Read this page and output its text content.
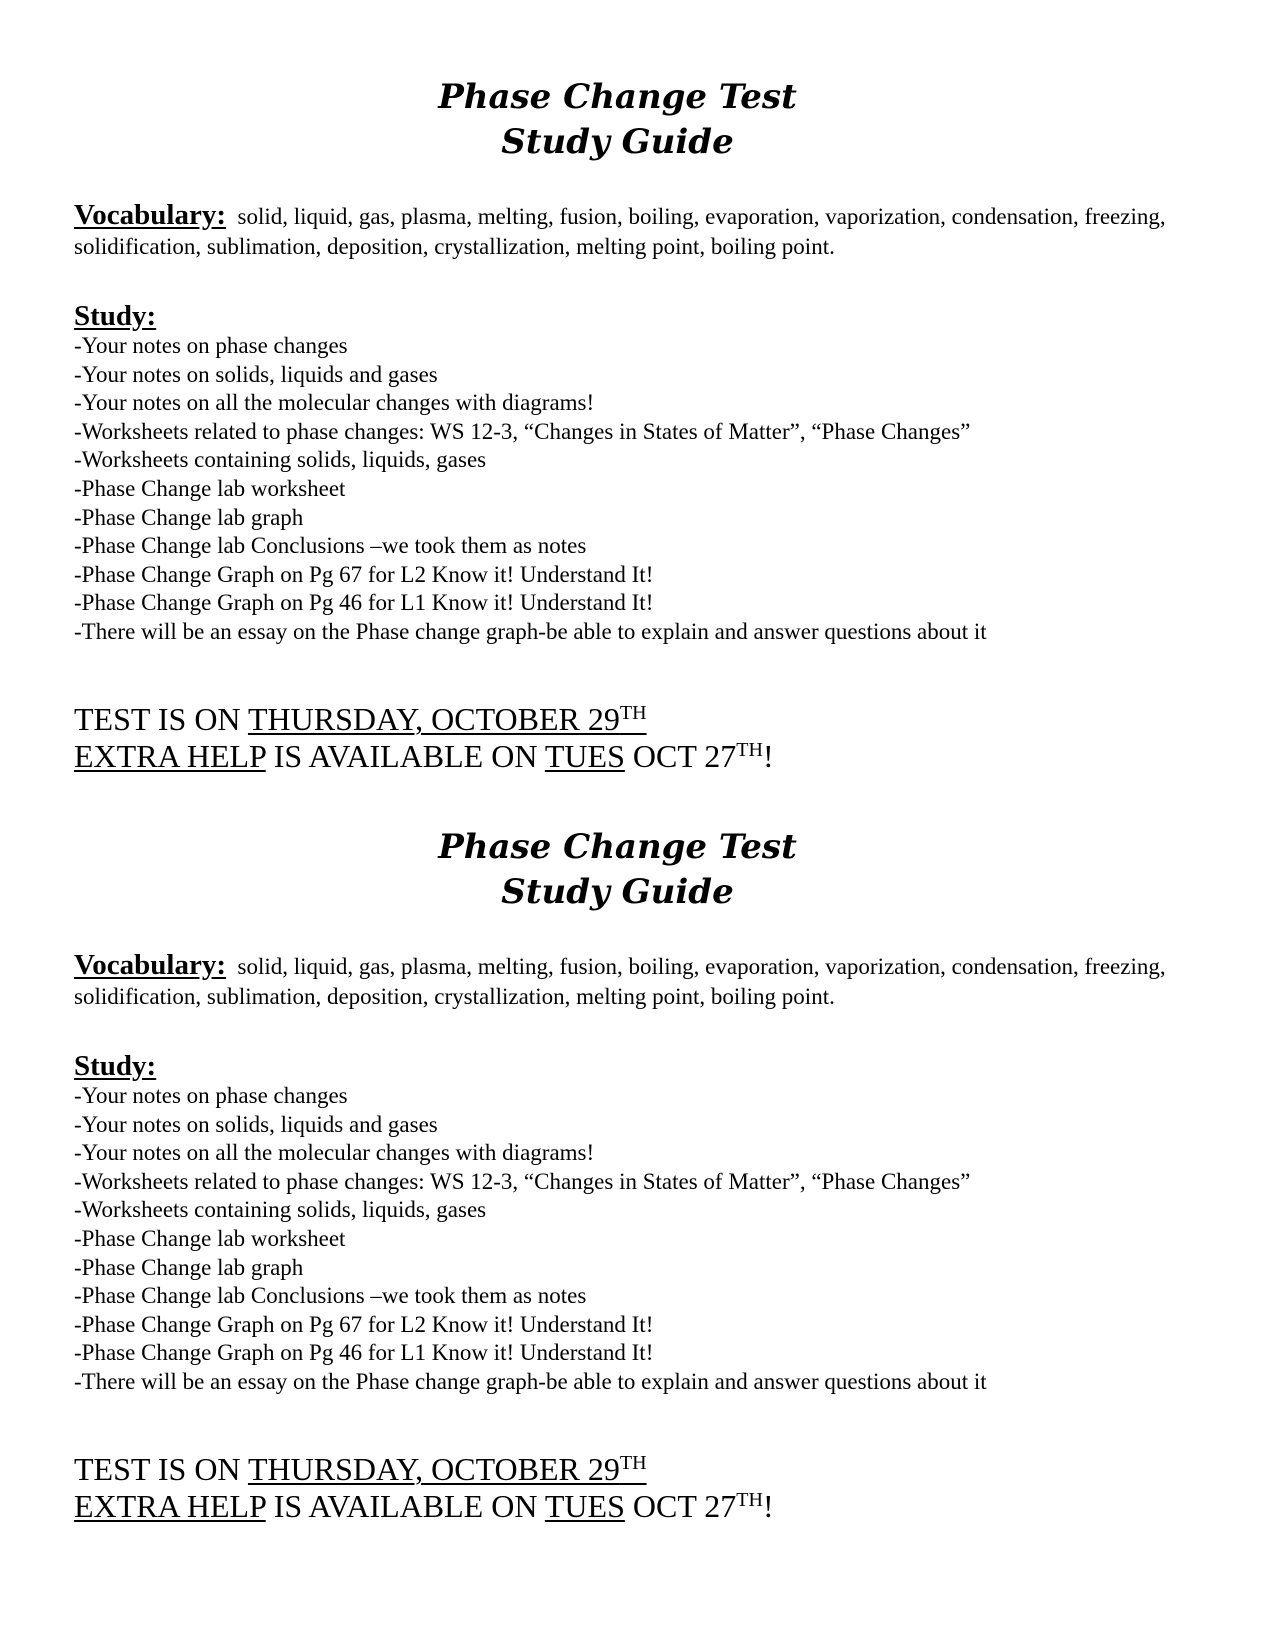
Phase Change Test
Study Guide
Vocabulary: solid, liquid, gas, plasma, melting, fusion, boiling, evaporation, vaporization, condensation, freezing, solidification, sublimation, deposition, crystallization, melting point, boiling point.
Study:
-Your notes on phase changes
-Your notes on solids, liquids and gases
-Your notes on all the molecular changes with diagrams!
-Worksheets related to phase changes: WS 12-3, “Changes in States of Matter”, “Phase Changes”
-Worksheets containing solids, liquids, gases
-Phase Change lab worksheet
-Phase Change lab graph
-Phase Change lab Conclusions –we took them as notes
-Phase Change Graph on Pg 67 for L2 Know it! Understand It!
-Phase Change Graph on Pg 46 for L1 Know it! Understand It!
-There will be an essay on the Phase change graph-be able to explain and answer questions about it
TEST IS ON THURSDAY, OCTOBER 29TH
EXTRA HELP IS AVAILABLE ON TUES OCT 27TH!
Phase Change Test
Study Guide
Vocabulary: solid, liquid, gas, plasma, melting, fusion, boiling, evaporation, vaporization, condensation, freezing, solidification, sublimation, deposition, crystallization, melting point, boiling point.
Study:
-Your notes on phase changes
-Your notes on solids, liquids and gases
-Your notes on all the molecular changes with diagrams!
-Worksheets related to phase changes: WS 12-3, “Changes in States of Matter”, “Phase Changes”
-Worksheets containing solids, liquids, gases
-Phase Change lab worksheet
-Phase Change lab graph
-Phase Change lab Conclusions –we took them as notes
-Phase Change Graph on Pg 67 for L2 Know it! Understand It!
-Phase Change Graph on Pg 46 for L1 Know it! Understand It!
-There will be an essay on the Phase change graph-be able to explain and answer questions about it
TEST IS ON THURSDAY, OCTOBER 29TH
EXTRA HELP IS AVAILABLE ON TUES OCT 27TH!
